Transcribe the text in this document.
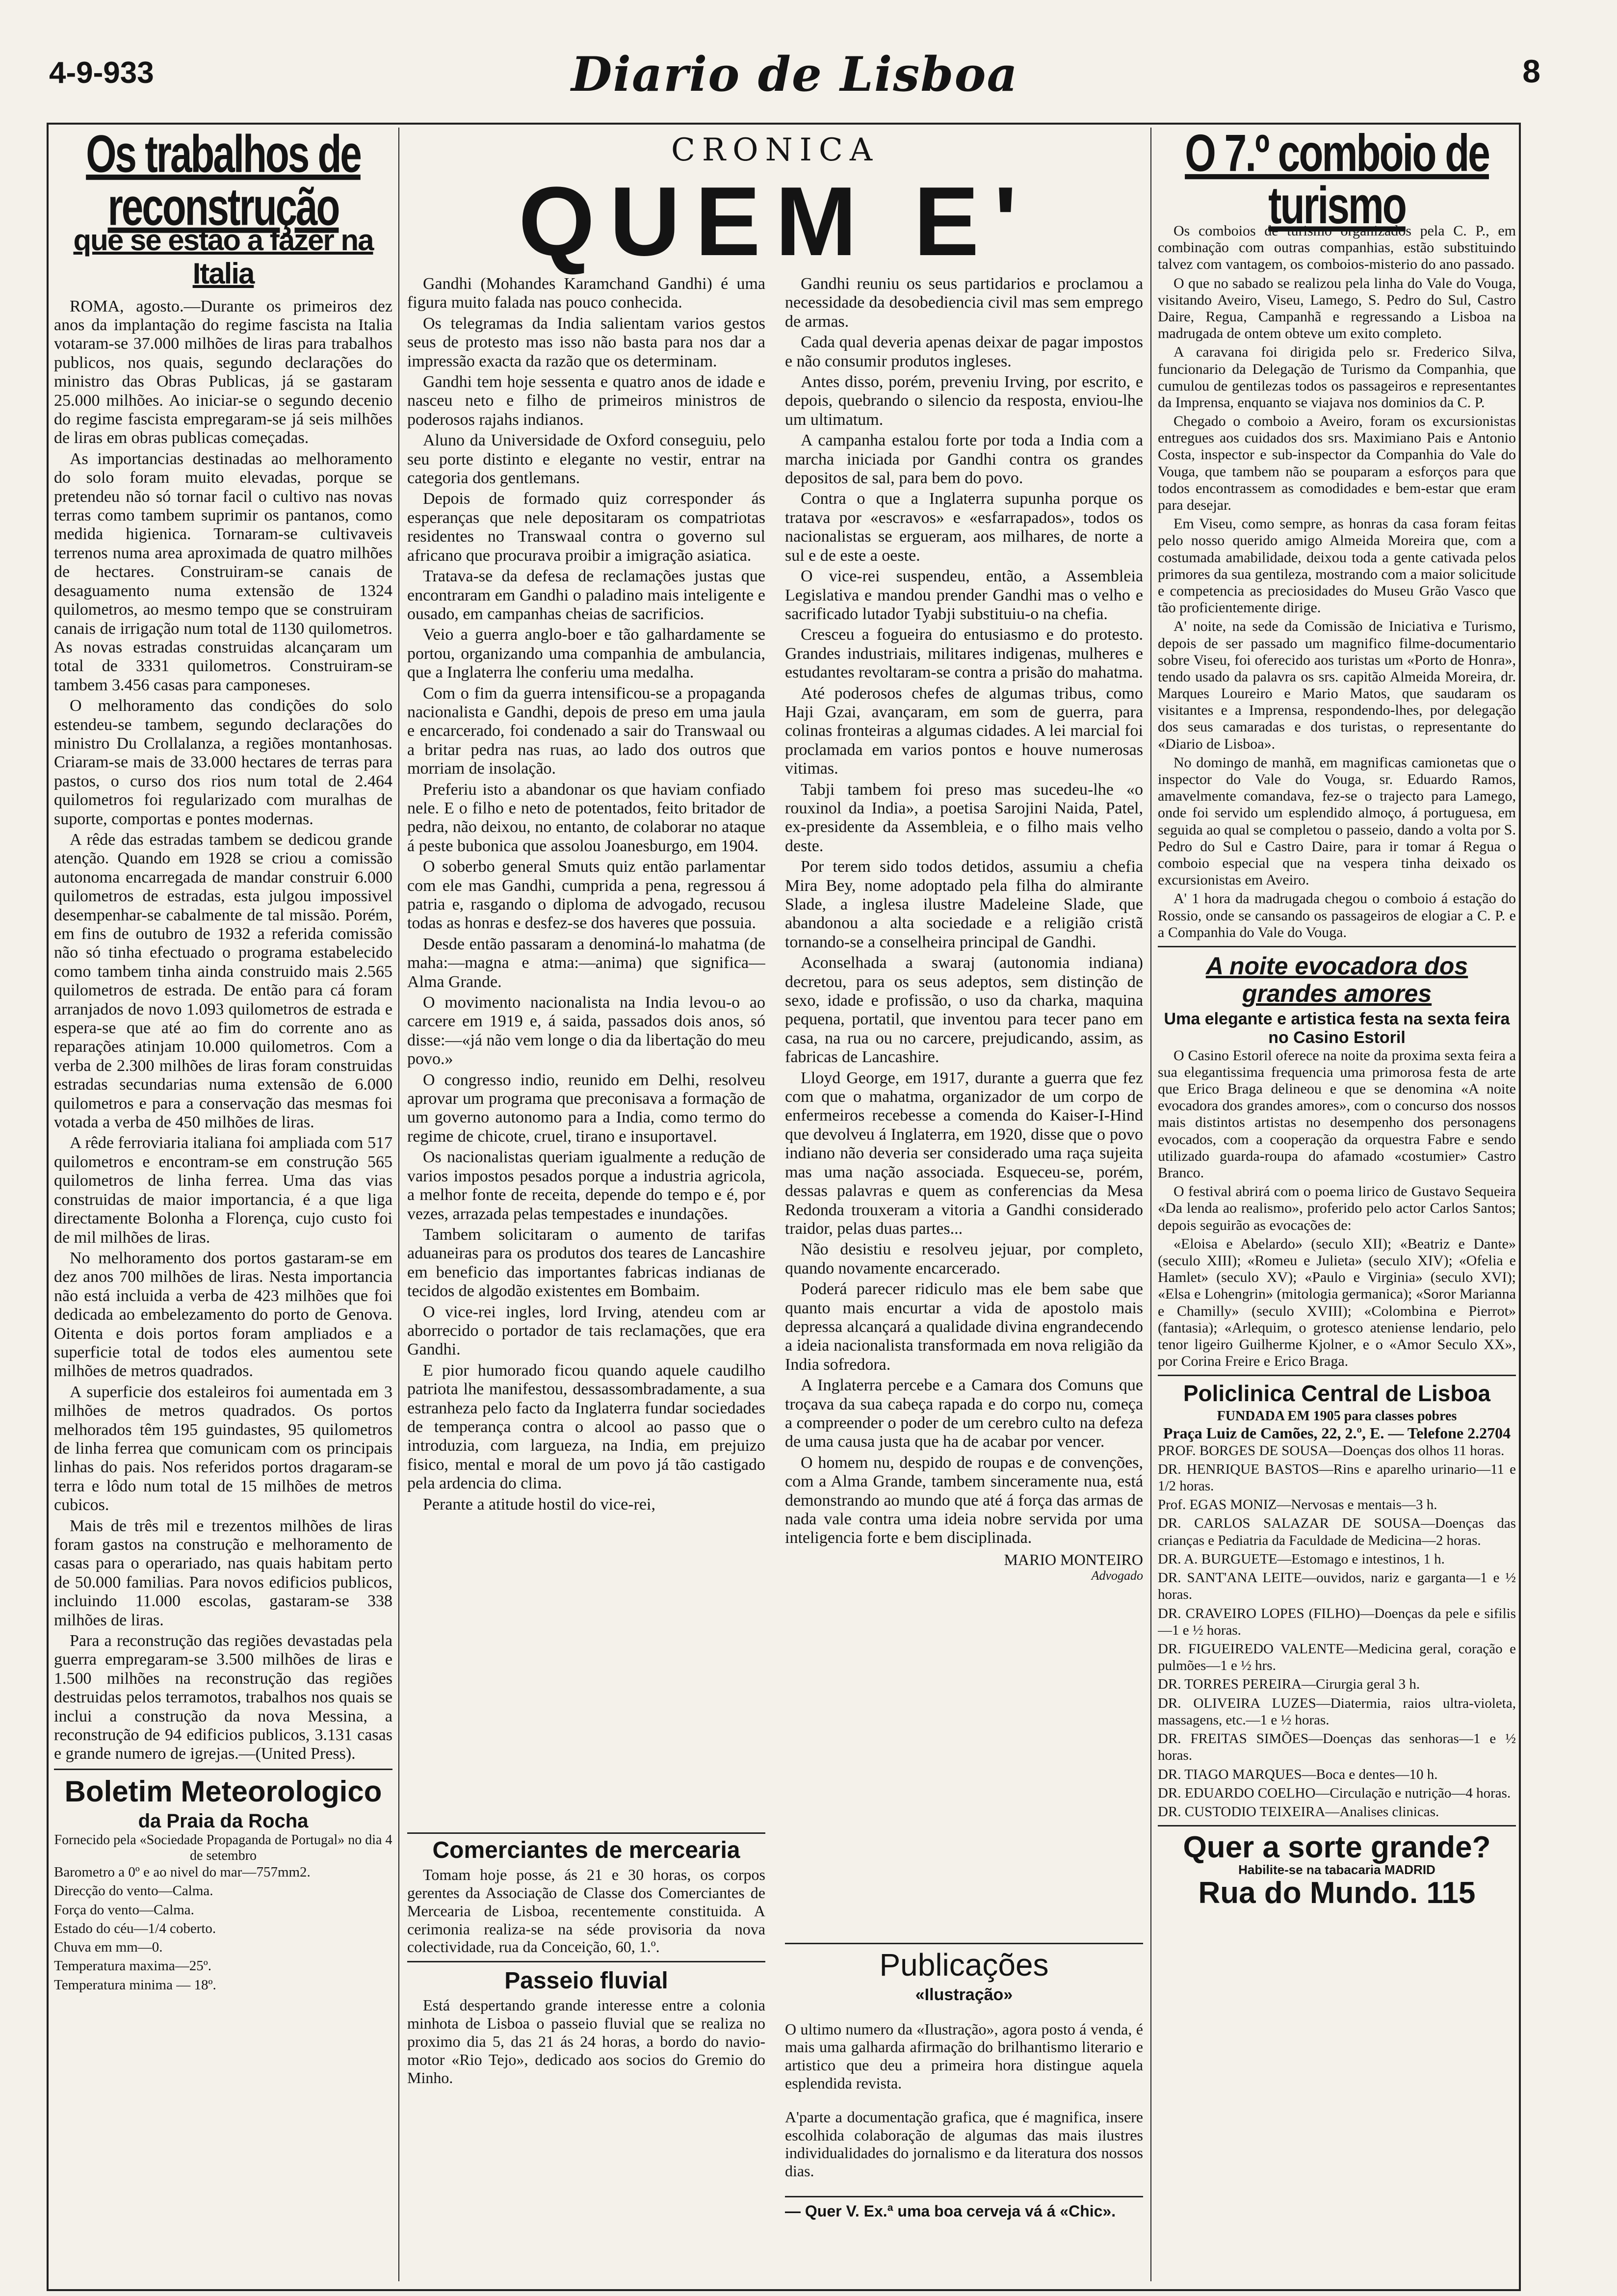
4-9-933	Diario de Lisboa	8
Os trabalhos de reconstrução
que se estão a fazer na Italia

ROMA, agosto.—Durante os primeiros dez anos da implantação do regime fascista na Italia votaram-se 37.000 milhões de liras para trabalhos publicos, nos quais, segundo declarações do ministro das Obras Publicas, já se gastaram 25.000 milhões. Ao iniciar-se o segundo decenio do regime fascista empregaram-se já seis milhões de liras em obras publicas começadas.

As importancias destinadas ao melhoramento do solo foram muito elevadas, porque se pretendeu não só tornar facil o cultivo nas novas terras como tambem suprimir os pantanos, como medida higienica. Tornaram-se cultivaveis terrenos numa area aproximada de quatro milhões de hectares. Construiram-se canais de desaguamento numa extensão de 1324 quilometros, ao mesmo tempo que se construiram canais de irrigação num total de 1130 quilometros. As novas estradas construidas alcançaram um total de 3331 quilometros. Construiram-se tambem 3.456 casas para camponeses.

O melhoramento das condições do solo estendeu-se tambem, segundo declarações do ministro Du Crollalanza, a regiões montanhosas. Criaram-se mais de 33.000 hectares de terras para pastos, o curso dos rios num total de 2.464 quilometros foi regularizado com muralhas de suporte, comportas e pontes modernas.

A rêde das estradas tambem se dedicou grande atenção. Quando em 1928 se criou a comissão autonoma encarregada de mandar construir 6.000 quilometros de estradas, esta julgou impossivel desempenhar-se cabalmente de tal missão. Porém, em fins de outubro de 1932 a referida comissão não só tinha efectuado o programa estabelecido como tambem tinha ainda construido mais 2.565 quilometros de estrada. De então para cá foram arranjados de novo 1.093 quilometros de estrada e espera-se que até ao fim do corrente ano as reparações atinjam 10.000 quilometros. Com a verba de 2.300 milhões de liras foram construidas estradas secundarias numa extensão de 6.000 quilometros e para a conservação das mesmas foi votada a verba de 450 milhões de liras.

A rêde ferroviaria italiana foi ampliada com 517 quilometros e encontram-se em construção 565 quilometros de linha ferrea. Uma das vias construidas de maior importancia, é a que liga directamente Bolonha a Florença, cujo custo foi de mil milhões de liras.

No melhoramento dos portos gastaram-se em dez anos 700 milhões de liras. Nesta importancia não está incluida a verba de 423 milhões que foi dedicada ao embelezamento do porto de Genova. Oitenta e dois portos foram ampliados e a superficie total de todos eles aumentou sete milhões de metros quadrados.

A superficie dos estaleiros foi aumentada em 3 milhões de metros quadrados. Os portos melhorados têm 195 guindastes, 95 quilometros de linha ferrea que comunicam com os principais linhas do pais. Nos referidos portos dragaram-se terra e lôdo num total de 15 milhões de metros cubicos.

Mais de três mil e trezentos milhões de liras foram gastos na construção e melhoramento de casas para o operariado, nas quais habitam perto de 50.000 familias. Para novos edificios publicos, incluindo 11.000 escolas, gastaram-se 338 milhões de liras.

Para a reconstrução das regiões devastadas pela guerra empregaram-se 3.500 milhões de liras e 1.500 milhões na reconstrução das regiões destruidas pelos terramotos, trabalhos nos quais se inclui a construção da nova Messina, a reconstrução de 94 edificios publicos, 3.131 casas e grande numero de igrejas.—(United Press).

Boletim Meteorologico
da Praia da Rocha
Fornecido pela «Sociedade Propaganda de Portugal» no dia 4 de setembro

Barometro a 0º e ao nivel do mar—757mm2.

Direcção do vento—Calma.

Força do vento—Calma.

Estado do céu—1/4 coberto.

Chuva em mm—0.

Temperatura maxima—25º.

Temperatura minima — 18º.

CRONICA
QUEM E'

Gandhi (Mohandes Karamchand Gandhi) é uma figura muito falada nas pouco conhecida.

Os telegramas da India salientam varios gestos seus de protesto mas isso não basta para nos dar a impressão exacta da razão que os determinam.

Gandhi tem hoje sessenta e quatro anos de idade e nasceu neto e filho de primeiros ministros de poderosos rajahs indianos.

Aluno da Universidade de Oxford conseguiu, pelo seu porte distinto e elegante no vestir, entrar na categoria dos gentlemans.

Depois de formado quiz corresponder ás esperanças que nele depositaram os compatriotas residentes no Transwaal contra o governo sul africano que procurava proibir a imigração asiatica.

Tratava-se da defesa de reclamações justas que encontraram em Gandhi o paladino mais inteligente e ousado, em campanhas cheias de sacrificios.

Veio a guerra anglo-boer e tão galhardamente se portou, organizando uma companhia de ambulancia, que a Inglaterra lhe conferiu uma medalha.

Com o fim da guerra intensificou-se a propaganda nacionalista e Gandhi, depois de preso em uma jaula e encarcerado, foi condenado a sair do Transwaal ou a britar pedra nas ruas, ao lado dos outros que morriam de insolação.

Preferiu isto a abandonar os que haviam confiado nele. E o filho e neto de potentados, feito britador de pedra, não deixou, no entanto, de colaborar no ataque á peste bubonica que assolou Joanesburgo, em 1904.

O soberbo general Smuts quiz então parlamentar com ele mas Gandhi, cumprida a pena, regressou á patria e, rasgando o diploma de advogado, recusou todas as honras e desfez-se dos haveres que possuia.

Desde então passaram a denominá-lo mahatma (de maha:—magna e atma:—anima) que significa—Alma Grande.

O movimento nacionalista na India levou-o ao carcere em 1919 e, á saida, passados dois anos, só disse:—«já não vem longe o dia da libertação do meu povo.»

O congresso indio, reunido em Delhi, resolveu aprovar um programa que preconisava a formação de um governo autonomo para a India, como termo do regime de chicote, cruel, tirano e insuportavel.

Os nacionalistas queriam igualmente a redução de varios impostos pesados porque a industria agricola, a melhor fonte de receita, depende do tempo e é, por vezes, arrazada pelas tempestades e inundações.

Tambem solicitaram o aumento de tarifas aduaneiras para os produtos dos teares de Lancashire em beneficio das importantes fabricas indianas de tecidos de algodão existentes em Bombaim.

O vice-rei ingles, lord Irving, atendeu com ar aborrecido o portador de tais reclamações, que era Gandhi.

E pior humorado ficou quando aquele caudilho patriota lhe manifestou, dessassombradamente, a sua estranheza pelo facto da Inglaterra fundar sociedades de temperança contra o alcool ao passo que o introduzia, com largueza, na India, em prejuizo fisico, mental e moral de um povo já tão castigado pela ardencia do clima.

Perante a atitude hostil do vice-rei,

Gandhi reuniu os seus partidarios e proclamou a necessidade da desobediencia civil mas sem emprego de armas.

Cada qual deveria apenas deixar de pagar impostos e não consumir produtos ingleses.

Antes disso, porém, preveniu Irving, por escrito, e depois, quebrando o silencio da resposta, enviou-lhe um ultimatum.

A campanha estalou forte por toda a India com a marcha iniciada por Gandhi contra os grandes depositos de sal, para bem do povo.

Contra o que a Inglaterra supunha porque os tratava por «escravos» e «esfarrapados», todos os nacionalistas se ergueram, aos milhares, de norte a sul e de este a oeste.

O vice-rei suspendeu, então, a Assembleia Legislativa e mandou prender Gandhi mas o velho e sacrificado lutador Tyabji substituiu-o na chefia.

Cresceu a fogueira do entusiasmo e do protesto. Grandes industriais, militares indigenas, mulheres e estudantes revoltaram-se contra a prisão do mahatma.

Até poderosos chefes de algumas tribus, como Haji Gzai, avançaram, em som de guerra, para colinas fronteiras a algumas cidades. A lei marcial foi proclamada em varios pontos e houve numerosas vitimas.

Tabji tambem foi preso mas sucedeu-lhe «o rouxinol da India», a poetisa Sarojini Naida, Patel, ex-presidente da Assembleia, e o filho mais velho deste.

Por terem sido todos detidos, assumiu a chefia Mira Bey, nome adoptado pela filha do almirante Slade, a inglesa ilustre Madeleine Slade, que abandonou a alta sociedade e a religião cristã tornando-se a conselheira principal de Gandhi.

Aconselhada a swaraj (autonomia indiana) decretou, para os seus adeptos, sem distinção de sexo, idade e profissão, o uso da charka, maquina pequena, portatil, que inventou para tecer pano em casa, na rua ou no carcere, prejudicando, assim, as fabricas de Lancashire.

Lloyd George, em 1917, durante a guerra que fez com que o mahatma, organizador de um corpo de enfermeiros recebesse a comenda do Kaiser-I-Hind que devolveu á Inglaterra, em 1920, disse que o povo indiano não deveria ser considerado uma raça sujeita mas uma nação associada. Esqueceu-se, porém, dessas palavras e quem as conferencias da Mesa Redonda trouxeram a vitoria a Gandhi considerado traidor, pelas duas partes...

Não desistiu e resolveu jejuar, por completo, quando novamente encarcerado.

Poderá parecer ridiculo mas ele bem sabe que quanto mais encurtar a vida de apostolo mais depressa alcançará a qualidade divina engrandecendo a ideia nacionalista transformada em nova religião da India sofredora.

A Inglaterra percebe e a Camara dos Comuns que troçava da sua cabeça rapada e do corpo nu, começa a compreender o poder de um cerebro culto na defeza de uma causa justa que ha de acabar por vencer.

O homem nu, despido de roupas e de convenções, com a Alma Grande, tambem sinceramente nua, está demonstrando ao mundo que até á força das armas de nada vale contra uma ideia nobre servida por uma inteligencia forte e bem disciplinada.

MARIO MONTEIRO
Advogado
Comerciantes de mercearia

Tomam hoje posse, ás 21 e 30 horas, os corpos gerentes da Associação de Classe dos Comerciantes de Mercearia de Lisboa, recentemente constituida. A cerimonia realiza-se na séde provisoria da nova colectividade, rua da Conceição, 60, 1.º.

Passeio fluvial

Está despertando grande interesse entre a colonia minhota de Lisboa o passeio fluvial que se realiza no proximo dia 5, das 21 ás 24 horas, a bordo do navio-motor «Rio Tejo», dedicado aos socios do Gremio do Minho.

Publicações
«Ilustração»

O ultimo numero da «Ilustração», agora posto á venda, é mais uma galharda afirmação do brilhantismo literario e artistico que deu a primeira hora distingue aquela esplendida revista.

A'parte a documentação grafica, que é magnifica, insere escolhida colaboração de algumas das mais ilustres individualidades do jornalismo e da literatura dos nossos dias.

— Quer V. Ex.ª uma boa cerveja vá á «Chic».

O 7.º comboio de turismo

Os comboios de turismo organizados pela C. P., em combinação com outras companhias, estão substituindo talvez com vantagem, os comboios-misterio do ano passado.

O que no sabado se realizou pela linha do Vale do Vouga, visitando Aveiro, Viseu, Lamego, S. Pedro do Sul, Castro Daire, Regua, Campanhã e regressando a Lisboa na madrugada de ontem obteve um exito completo.

A caravana foi dirigida pelo sr. Frederico Silva, funcionario da Delegação de Turismo da Companhia, que cumulou de gentilezas todos os passageiros e representantes da Imprensa, enquanto se viajava nos dominios da C. P.

Chegado o comboio a Aveiro, foram os excursionistas entregues aos cuidados dos srs. Maximiano Pais e Antonio Costa, inspector e sub-inspector da Companhia do Vale do Vouga, que tambem não se pouparam a esforços para que todos encontrassem as comodidades e bem-estar que eram para desejar.

Em Viseu, como sempre, as honras da casa foram feitas pelo nosso querido amigo Almeida Moreira que, com a costumada amabilidade, deixou toda a gente cativada pelos primores da sua gentileza, mostrando com a maior solicitude e competencia as preciosidades do Museu Grão Vasco que tão proficientemente dirige.

A' noite, na sede da Comissão de Iniciativa e Turismo, depois de ser passado um magnifico filme-documentario sobre Viseu, foi oferecido aos turistas um «Porto de Honra», tendo usado da palavra os srs. capitão Almeida Moreira, dr. Marques Loureiro e Mario Matos, que saudaram os visitantes e a Imprensa, respondendo-lhes, por delegação dos seus camaradas e dos turistas, o representante do «Diario de Lisboa».

No domingo de manhã, em magnificas camionetas que o inspector do Vale do Vouga, sr. Eduardo Ramos, amavelmente comandava, fez-se o trajecto para Lamego, onde foi servido um esplendido almoço, á portuguesa, em seguida ao qual se completou o passeio, dando a volta por S. Pedro do Sul e Castro Daire, para ir tomar á Regua o comboio especial que na vespera tinha deixado os excursionistas em Aveiro.

A' 1 hora da madrugada chegou o comboio á estação do Rossio, onde se cansando os passageiros de elogiar a C. P. e a Companhia do Vale do Vouga.

A noite evocadora dos grandes amores
Uma elegante e artistica festa na sexta feira no Casino Estoril

O Casino Estoril oferece na noite da proxima sexta feira a sua elegantissima frequencia uma primorosa festa de arte que Erico Braga delineou e que se denomina «A noite evocadora dos grandes amores», com o concurso dos nossos mais distintos artistas no desempenho dos personagens evocados, com a cooperação da orquestra Fabre e sendo utilizado guarda-roupa do afamado «costumier» Castro Branco.

O festival abrirá com o poema lirico de Gustavo Sequeira «Da lenda ao realismo», proferido pelo actor Carlos Santos; depois seguirão as evocações de:

«Eloisa e Abelardo» (seculo XII); «Beatriz e Dante» (seculo XIII); «Romeu e Julieta» (seculo XIV); «Ofelia e Hamlet» (seculo XV); «Paulo e Virginia» (seculo XVI); «Elsa e Lohengrin» (mitologia germanica); «Soror Marianna e Chamilly» (seculo XVIII); «Colombina e Pierrot» (fantasia); «Arlequim, o grotesco ateniense lendario, pelo tenor ligeiro Guilherme Kjolner, e o «Amor Seculo XX», por Corina Freire e Erico Braga.

Policlinica Central de Lisboa
FUNDADA EM 1905 para classes pobres
Praça Luiz de Camões, 22, 2.º, E. — Telefone 2.2704

PROF. BORGES DE SOUSA—Doenças dos olhos 11 horas.

DR. HENRIQUE BASTOS—Rins e aparelho urinario—11 e 1/2 horas.

Prof. EGAS MONIZ—Nervosas e mentais—3 h.

DR. CARLOS SALAZAR DE SOUSA—Doenças das crianças e Pediatria da Faculdade de Medicina—2 horas.

DR. A. BURGUETE—Estomago e intestinos, 1 h.

DR. SANT'ANA LEITE—ouvidos, nariz e garganta—1 e ½ horas.

DR. CRAVEIRO LOPES (FILHO)—Doenças da pele e sifilis—1 e ½ horas.

DR. FIGUEIREDO VALENTE—Medicina geral, coração e pulmões—1 e ½ hrs.

DR. TORRES PEREIRA—Cirurgia geral 3 h.

DR. OLIVEIRA LUZES—Diatermia, raios ultra-violeta, massagens, etc.—1 e ½ horas.

DR. FREITAS SIMÕES—Doenças das senhoras—1 e ½ horas.

DR. TIAGO MARQUES—Boca e dentes—10 h.

DR. EDUARDO COELHO—Circulação e nutrição—4 horas.

DR. CUSTODIO TEIXEIRA—Analises clinicas.

Quer a sorte grande?
Habilite-se na tabacaria MADRID
Rua do Mundo. 115
